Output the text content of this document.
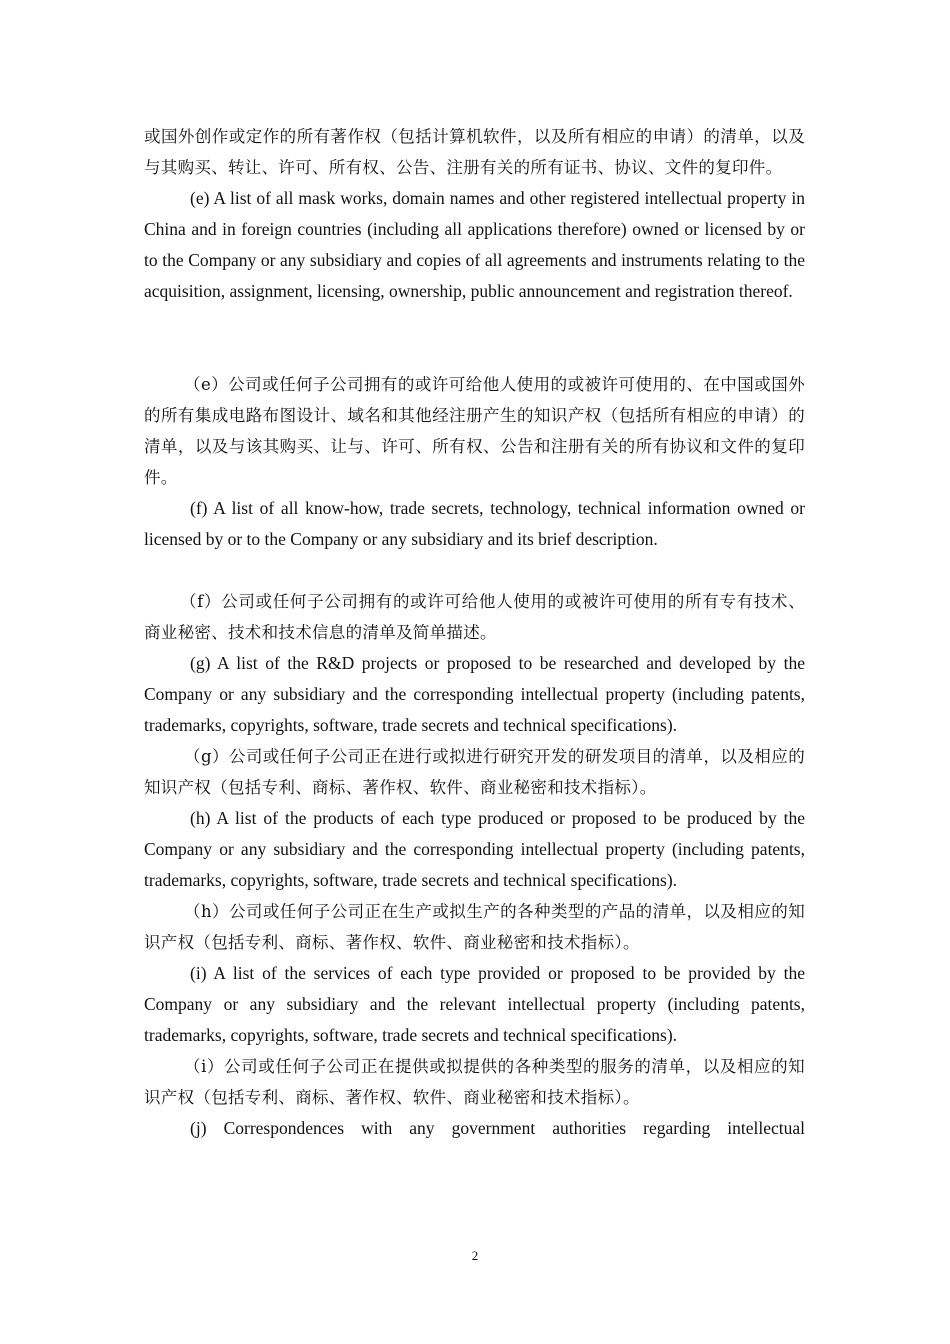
或国外创作或定作的所有著作权（包括计算机软件，以及所有相应的申请）的清单，以及与其购买、转让、许可、所有权、公告、注册有关的所有证书、协议、文件的复印件。

(e) A list of all mask works, domain names and other registered intellectual property in China and in foreign countries (including all applications therefore) owned or licensed by or to the Company or any subsidiary and copies of all agreements and instruments relating to the acquisition, assignment, licensing, ownership, public announcement and registration thereof.

（e）公司或任何子公司拥有的或许可给他人使用的或被许可使用的、在中国或国外的所有集成电路布图设计、域名和其他经注册产生的知识产权（包括所有相应的申请）的清单，以及与该其购买、让与、许可、所有权、公告和注册有关的所有协议和文件的复印件。

(f) A list of all know-how, trade secrets, technology, technical information owned or licensed by or to the Company or any subsidiary and its brief description.

（f）公司或任何子公司拥有的或许可给他人使用的或被许可使用的所有专有技术、商业秘密、技术和技术信息的清单及简单描述。

(g) A list of the R&D projects or proposed to be researched and developed by the Company or any subsidiary and the corresponding intellectual property (including patents, trademarks, copyrights, software, trade secrets and technical specifications).

（g）公司或任何子公司正在进行或拟进行研究开发的研发项目的清单，以及相应的知识产权（包括专利、商标、著作权、软件、商业秘密和技术指标）。

(h) A list of the products of each type produced or proposed to be produced by the Company or any subsidiary and the corresponding intellectual property (including patents, trademarks, copyrights, software, trade secrets and technical specifications).

（h）公司或任何子公司正在生产或拟生产的各种类型的产品的清单，以及相应的知识产权（包括专利、商标、著作权、软件、商业秘密和技术指标）。

(i) A list of the services of each type provided or proposed to be provided by the Company or any subsidiary and the relevant intellectual property (including patents, trademarks, copyrights, software, trade secrets and technical specifications).

（i）公司或任何子公司正在提供或拟提供的各种类型的服务的清单，以及相应的知识产权（包括专利、商标、著作权、软件、商业秘密和技术指标）。

(j) Correspondences with any government authorities regarding intellectual

2
